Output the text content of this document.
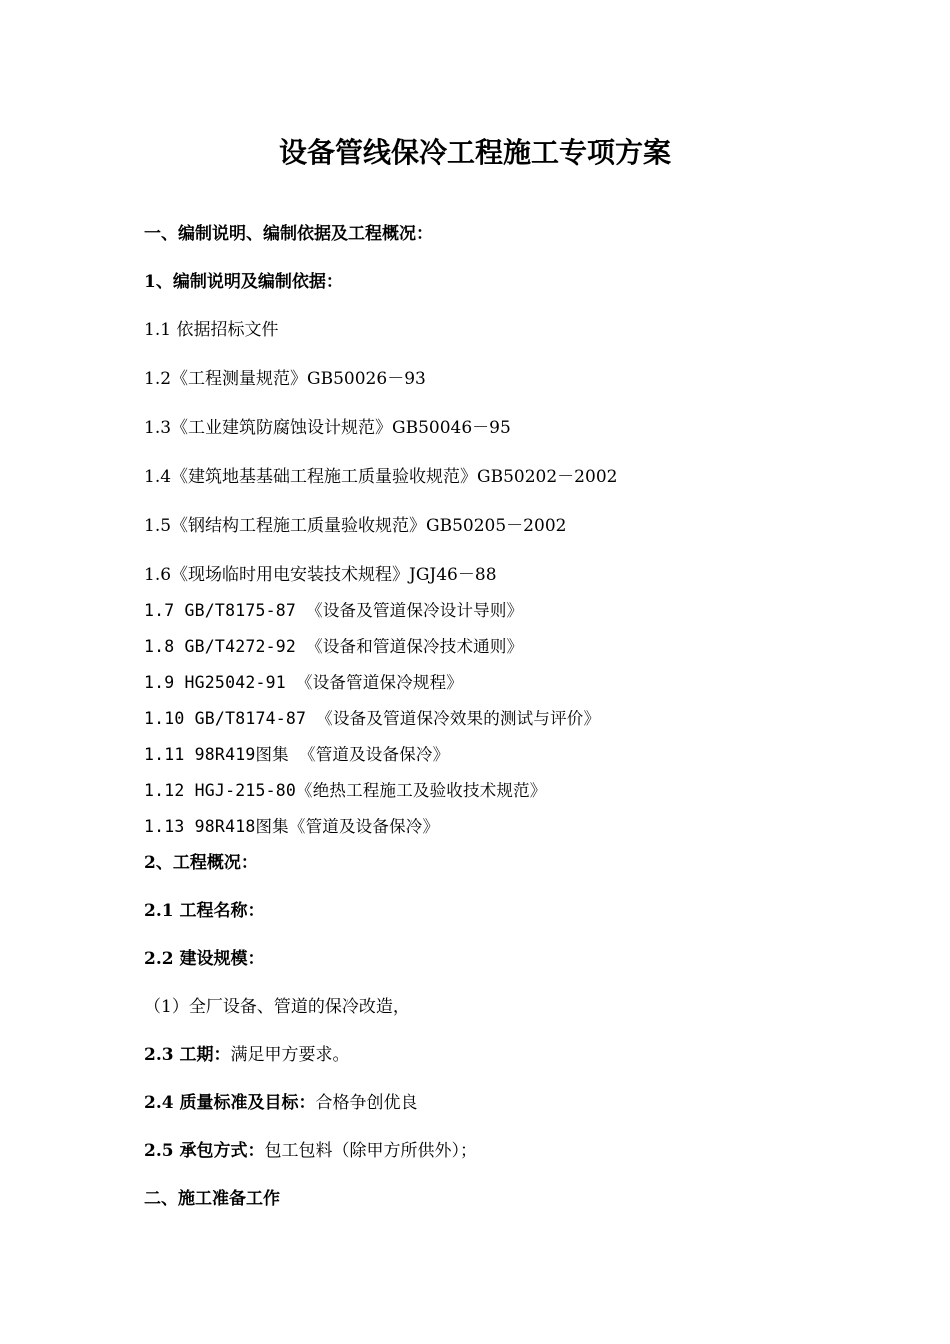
设备管线保冷工程施工专项方案
一、编制说明、编制依据及工程概况：
1、编制说明及编制依据：
1.1 依据招标文件
1.2《工程测量规范》GB50026－93
1.3《工业建筑防腐蚀设计规范》GB50046－95
1.4《建筑地基基础工程施工质量验收规范》GB50202－2002
1.5《钢结构工程施工质量验收规范》GB50205－2002
1.6《现场临时用电安装技术规程》JGJ46－88
1.7 GB/T8175-87 《设备及管道保冷设计导则》
1.8 GB/T4272-92 《设备和管道保冷技术通则》
1.9 HG25042-91 《设备管道保冷规程》
1.10 GB/T8174-87 《设备及管道保冷效果的测试与评价》
1.11 98R419图集 《管道及设备保冷》
1.12 HGJ-215-80《绝热工程施工及验收技术规范》
1.13 98R418图集《管道及设备保冷》
2、工程概况：
2.1 工程名称：
2.2 建设规模：
（1）全厂设备、管道的保冷改造，
2.3 工期：满足甲方要求。
2.4 质量标准及目标：合格争创优良
2.5 承包方式：包工包料（除甲方所供外）；
二、施工准备工作
